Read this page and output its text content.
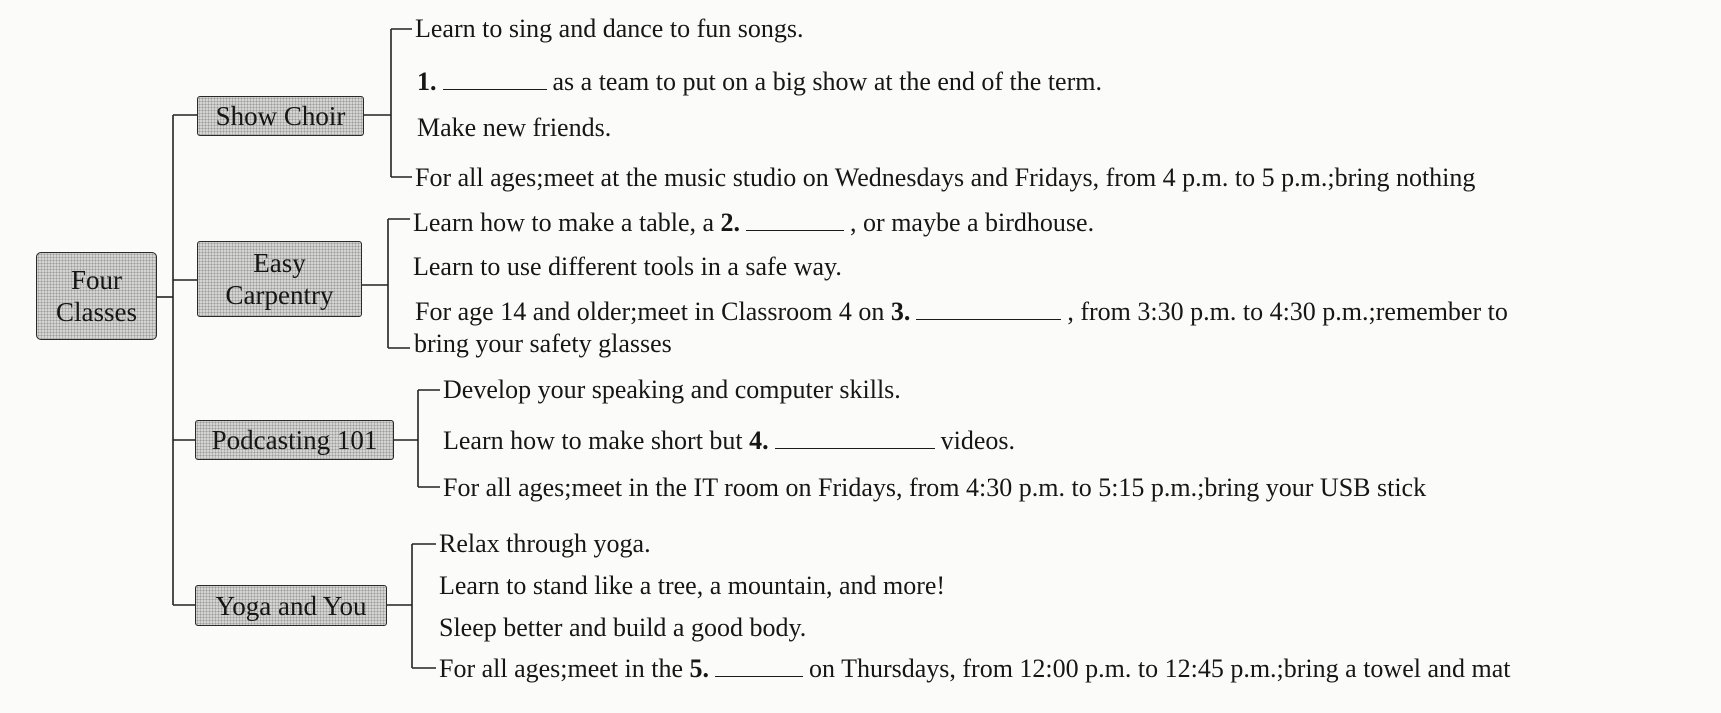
Four
Classes
Show Choir
Easy
Carpentry
Podcasting 101
Yoga and You
Learn to sing and dance to fun songs.
1.	as a team to put on a big show at the end of the term.
Make new friends.
For all ages;meet at the music studio on Wednesdays and Fridays, from 4 p.m. to 5 p.m.;bring nothing
Learn how to make a table, a 2.	, or maybe a birdhouse.
Learn to use different tools in a safe way.
For age 14 and older;meet in Classroom 4 on 3.	, from 3:30 p.m. to 4:30 p.m.;remember to
bring your safety glasses
Develop your speaking and computer skills.
Learn how to make short but 4.	videos.
For all ages;meet in the IT room on Fridays, from 4:30 p.m. to 5:15 p.m.;bring your USB stick
Relax through yoga.
Learn to stand like a tree, a mountain, and more!
Sleep better and build a good body.
For all ages;meet in the 5.	on Thursdays, from 12:00 p.m. to 12:45 p.m.;bring a towel and mat
